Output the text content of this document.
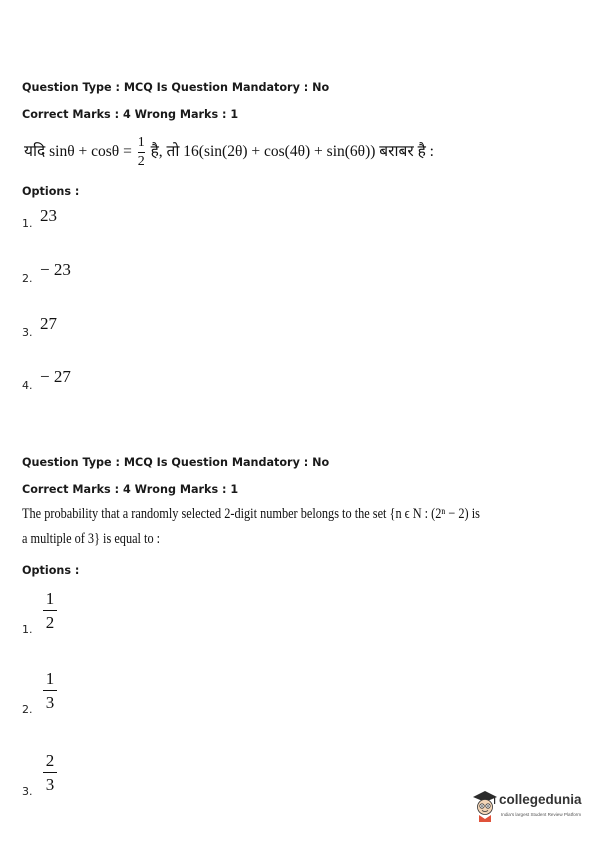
Question Type : MCQ Is Question Mandatory : No
Correct Marks : 4 Wrong Marks : 1
यदि $\sin\theta + \cos\theta = \frac{1}{2}$ है, तो 16(sin(2θ) + cos(4θ) + sin(6θ)) बराबर है :
Options :
1. 23
2. − 23
3. 27
4. − 27
Question Type : MCQ Is Question Mandatory : No
Correct Marks : 4 Wrong Marks : 1
The probability that a randomly selected 2-digit number belongs to the set {n ϵ N : (2ⁿ − 2) is
a multiple of 3} is equal to :
Options :
1.
1
2
2.
1
3
3.
2
3
collegedunia
India's largest Student Review Platform
